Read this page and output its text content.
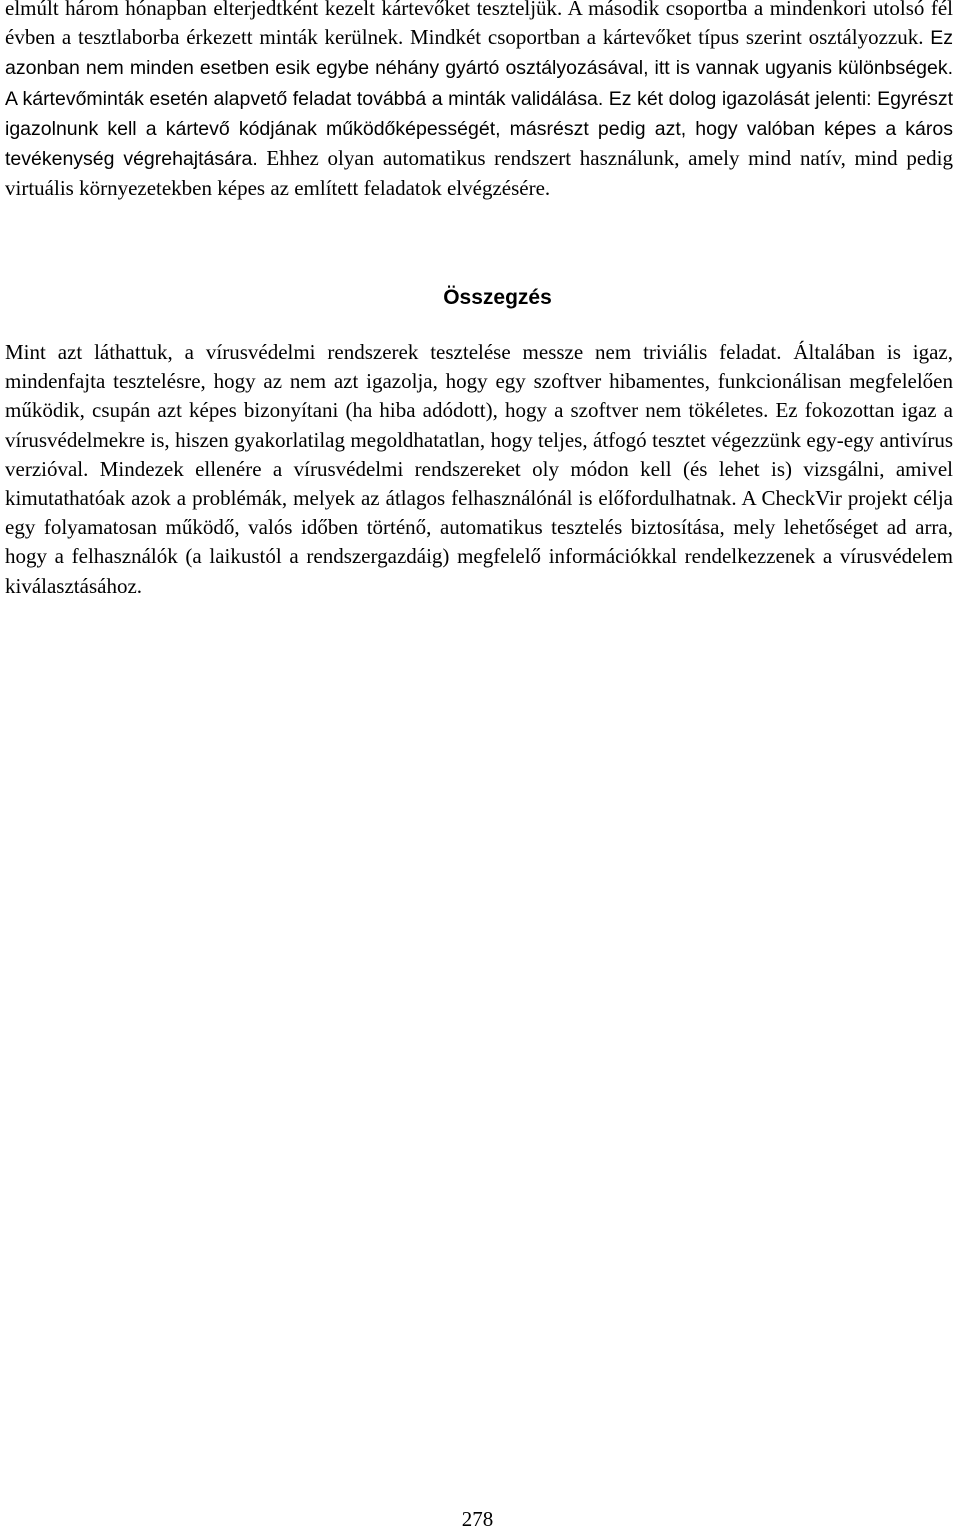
elmúlt három hónapban elterjedtként kezelt kártevőket teszteljük. A második csoportba a mindenkori utolsó fél évben a tesztlaborba érkezett minták kerülnek. Mindkét csoportban a kártevőket típus szerint osztályozzuk. Ez azonban nem minden esetben esik egybe néhány gyártó osztályozásával, itt is vannak ugyanis különbségek. A kártevőminták esetén alapvető feladat továbbá a minták validálása. Ez két dolog igazolását jelenti: Egyrészt igazolnunk kell a kártevő kódjának működőképességét, másrészt pedig azt, hogy valóban képes a káros tevékenység végrehajtására. Ehhez olyan automatikus rendszert használunk, amely mind natív, mind pedig virtuális környezetekben képes az említett feladatok elvégzésére.

Összegzés

Mint azt láthattuk, a vírusvédelmi rendszerek tesztelése messze nem triviális feladat. Általában is igaz, mindenfajta tesztelésre, hogy az nem azt igazolja, hogy egy szoftver hibamentes, funkcionálisan megfelelően működik, csupán azt képes bizonyítani (ha hiba adódott), hogy a szoftver nem tökéletes. Ez fokozottan igaz a vírusvédelmekre is, hiszen gyakorlatilag megoldhatatlan, hogy teljes, átfogó tesztet végezzünk egy-egy antivírus verzióval. Mindezek ellenére a vírusvédelmi rendszereket oly módon kell (és lehet is) vizsgálni, amivel kimutathatóak azok a problémák, melyek az átlagos felhasználónál is előfordulhatnak. A CheckVir projekt célja egy folyamatosan működő, valós időben történő, automatikus tesztelés biztosítása, mely lehetőséget ad arra, hogy a felhasználók (a laikustól a rendszergazdáig) megfelelő információkkal rendelkezzenek a vírusvédelem kiválasztásához.

278
